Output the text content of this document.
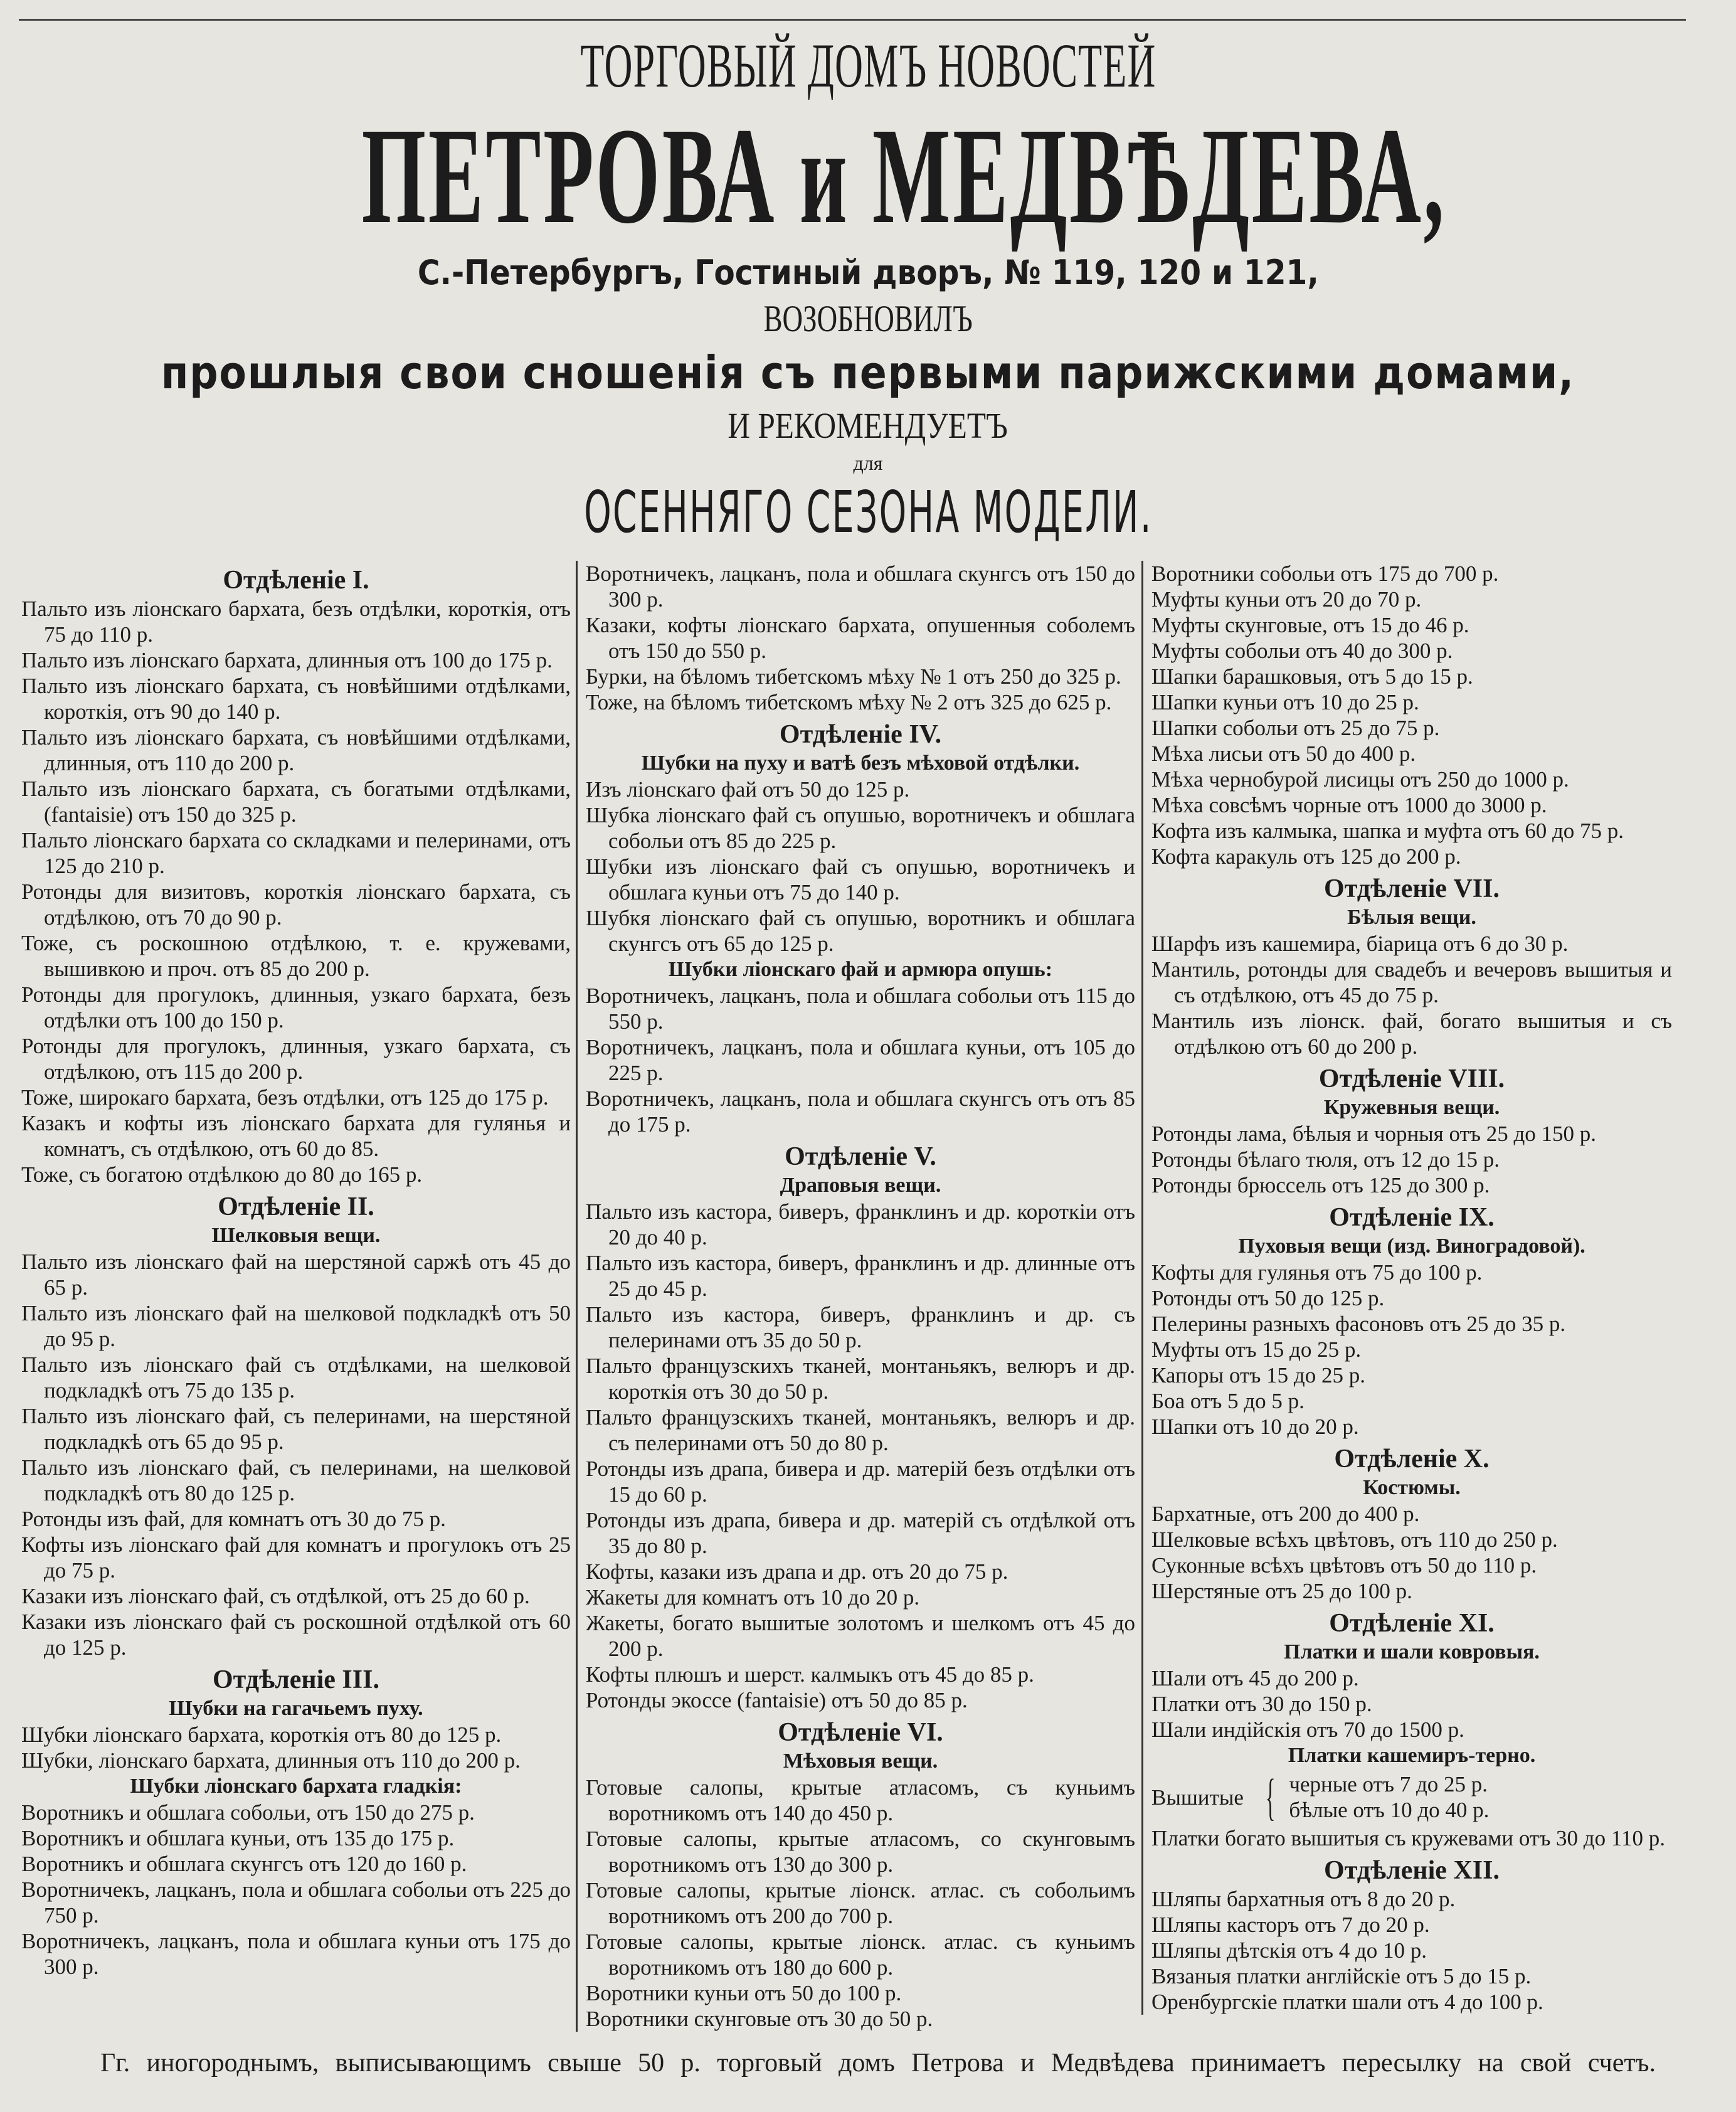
ТОРГОВЫЙ ДОМЪ НОВОСТЕЙ
ПЕТРОВА и МЕДВѢДЕВА,
С.-Петербургъ, Гостиный дворъ, № 119, 120 и 121,
ВОЗОБНОВИЛЪ
прошлыя свои сношенія съ первыми парижскими домами,
И РЕКОМЕНДУЕТЪ
для
ОСЕННЯГО СЕЗОНА МОДЕЛИ.
Отдѣленіе I.
Пальто изъ ліонскаго бархата, безъ отдѣлки, короткія, отъ 75 до 110 р.
Пальто изъ ліонскаго бархата, длинныя отъ 100 до 175 р.
Пальто изъ ліонскаго бархата, съ новѣйшими отдѣлками, короткія, отъ 90 до 140 р.
Пальто изъ ліонскаго бархата, съ новѣйшими отдѣлками, длинныя, отъ 110 до 200 р.
Пальто изъ ліонскаго бархата, съ богатыми отдѣлками, (fantaisie) отъ 150 до 325 р.
Пальто ліонскаго бархата со складками и пелеринами, отъ 125 до 210 р.
Ротонды для визитовъ, короткія ліонскаго бархата, съ отдѣлкою, отъ 70 до 90 р.
Тоже, съ роскошною отдѣлкою, т. е. кружевами, вышивкою и проч. отъ 85 до 200 р.
Ротонды для прогулокъ, длинныя, узкаго бархата, безъ отдѣлки отъ 100 до 150 р.
Ротонды для прогулокъ, длинныя, узкаго бархата, съ отдѣлкою, отъ 115 до 200 р.
Тоже, широкаго бархата, безъ отдѣлки, отъ 125 до 175 р.
Казакъ и кофты изъ ліонскаго бархата для гулянья и комнатъ, съ отдѣлкою, отъ 60 до 85.
Тоже, съ богатою отдѣлкою до 80 до 165 р.
Отдѣленіе II.
Шелковыя вещи.
Пальто изъ ліонскаго фай на шерстяной саржѣ отъ 45 до 65 р.
Пальто изъ ліонскаго фай на шелковой подкладкѣ отъ 50 до 95 р.
Пальто изъ ліонскаго фай съ отдѣлками, на шелковой подкладкѣ отъ 75 до 135 р.
Пальто изъ ліонскаго фай, съ пелеринами, на шерстяной подкладкѣ отъ 65 до 95 р.
Пальто изъ ліонскаго фай, съ пелеринами, на шелковой подкладкѣ отъ 80 до 125 р.
Ротонды изъ фай, для комнатъ отъ 30 до 75 р.
Кофты изъ ліонскаго фай для комнатъ и прогулокъ отъ 25 до 75 р.
Казаки изъ ліонскаго фай, съ отдѣлкой, отъ 25 до 60 р.
Казаки изъ ліонскаго фай съ роскошной отдѣлкой отъ 60 до 125 р.
Отдѣленіе III.
Шубки на гагачьемъ пуху.
Шубки ліонскаго бархата, короткія отъ 80 до 125 р.
Шубки, ліонскаго бархата, длинныя отъ 110 до 200 р.
Шубки ліонскаго бархата гладкія:
Воротникъ и обшлага собольи, отъ 150 до 275 р.
Воротникъ и обшлага куньи, отъ 135 до 175 р.
Воротникъ и обшлага скунгсъ отъ 120 до 160 р.
Воротничекъ, лацканъ, пола и обшлага собольи отъ 225 до 750 р.
Воротничекъ, лацканъ, пола и обшлага куньи отъ 175 до 300 р.
Воротничекъ, лацканъ, пола и обшлага скунгсъ отъ 150 до 300 р.
Казаки, кофты ліонскаго бархата, опушенныя соболемъ отъ 150 до 550 р.
Бурки, на бѣломъ тибетскомъ мѣху № 1 отъ 250 до 325 р.
Тоже, на бѣломъ тибетскомъ мѣху № 2 отъ 325 до 625 р.
Отдѣленіе IV.
Шубки на пуху и ватѣ безъ мѣховой отдѣлки.
Изъ ліонскаго фай отъ 50 до 125 р.
Шубка ліонскаго фай съ опушью, воротничекъ и обшлага собольи отъ 85 до 225 р.
Шубки изъ ліонскаго фай съ опушью, воротничекъ и обшлага куньи отъ 75 до 140 р.
Шубкя ліонскаго фай съ опушью, воротникъ и обшлага скунгсъ отъ 65 до 125 р.
Шубки ліонскаго фай и армюра опушь:
Воротничекъ, лацканъ, пола и обшлага собольи отъ 115 до 550 р.
Воротничекъ, лацканъ, пола и обшлага куньи, отъ 105 до 225 р.
Воротничекъ, лацканъ, пола и обшлага скунгсъ отъ отъ 85 до 175 р.
Отдѣленіе V.
Драповыя вещи.
Пальто изъ кастора, биверъ, франклинъ и др. короткіи отъ 20 до 40 р.
Пальто изъ кастора, биверъ, франклинъ и др. длинные отъ 25 до 45 р.
Пальто изъ кастора, биверъ, франклинъ и др. съ пелеринами отъ 35 до 50 р.
Пальто французскихъ тканей, монтаньякъ, велюръ и др. короткія отъ 30 до 50 р.
Пальто французскихъ тканей, монтаньякъ, велюръ и др. съ пелеринами отъ 50 до 80 р.
Ротонды изъ драпа, бивера и др. матерій безъ отдѣлки отъ 15 до 60 р.
Ротонды изъ драпа, бивера и др. матерій съ отдѣлкой отъ 35 до 80 р.
Кофты, казаки изъ драпа и др. отъ 20 до 75 р.
Жакеты для комнатъ отъ 10 до 20 р.
Жакеты, богато вышитые золотомъ и шелкомъ отъ 45 до 200 р.
Кофты плюшъ и шерст. калмыкъ отъ 45 до 85 р.
Ротонды экоссе (fantaisie) отъ 50 до 85 р.
Отдѣленіе VI.
Мѣховыя вещи.
Готовые салопы, крытые атласомъ, съ куньимъ воротникомъ отъ 140 до 450 р.
Готовые салопы, крытые атласомъ, со скунговымъ воротникомъ отъ 130 до 300 р.
Готовые салопы, крытые ліонск. атлас. съ собольимъ воротникомъ отъ 200 до 700 р.
Готовые салопы, крытые ліонск. атлас. съ куньимъ воротникомъ отъ 180 до 600 р.
Воротники куньи отъ 50 до 100 р.
Воротники скунговые отъ 30 до 50 р.
Воротники собольи отъ 175 до 700 р.
Муфты куньи отъ 20 до 70 р.
Муфты скунговые, отъ 15 до 46 р.
Муфты собольи отъ 40 до 300 р.
Шапки барашковыя, отъ 5 до 15 р.
Шапки куньи отъ 10 до 25 р.
Шапки собольи отъ 25 до 75 р.
Мѣха лисьи отъ 50 до 400 р.
Мѣха чернобурой лисицы отъ 250 до 1000 р.
Мѣха совсѣмъ чорные отъ 1000 до 3000 р.
Кофта изъ калмыка, шапка и муфта отъ 60 до 75 р.
Кофта каракуль отъ 125 до 200 р.
Отдѣленіе VII.
Бѣлыя вещи.
Шарфъ изъ кашемира, біарица отъ 6 до 30 р.
Мантиль, ротонды для свадебъ и вечеровъ вышитыя и съ отдѣлкою, отъ 45 до 75 р.
Мантиль изъ ліонск. фай, богато вышитыя и съ отдѣлкою отъ 60 до 200 р.
Отдѣленіе VIII.
Кружевныя вещи.
Ротонды лама, бѣлыя и чорныя отъ 25 до 150 р.
Ротонды бѣлаго тюля, отъ 12 до 15 р.
Ротонды брюссель отъ 125 до 300 р.
Отдѣленіе IX.
Пуховыя вещи (изд. Виноградовой).
Кофты для гулянья отъ 75 до 100 р.
Ротонды отъ 50 до 125 р.
Пелерины разныхъ фасоновъ отъ 25 до 35 р.
Муфты отъ 15 до 25 р.
Капоры отъ 15 до 25 р.
Боа отъ 5 до 5 р.
Шапки отъ 10 до 20 р.
Отдѣленіе X.
Костюмы.
Бархатные, отъ 200 до 400 р.
Шелковые всѣхъ цвѣтовъ, отъ 110 до 250 р.
Суконные всѣхъ цвѣтовъ отъ 50 до 110 р.
Шерстяные отъ 25 до 100 р.
Отдѣленіе XI.
Платки и шали ковровыя.
Шали отъ 45 до 200 р.
Платки отъ 30 до 150 р.
Шали индійскія отъ 70 до 1500 р.
Платки кашемиръ-терно.
Вышитые { черные отъ 7 до 25 р.
бѣлые отъ 10 до 40 р.
Платки богато вышитыя съ кружевами отъ 30 до 110 р.
Отдѣленіе XII.
Шляпы бархатныя отъ 8 до 20 р.
Шляпы касторъ отъ 7 до 20 р.
Шляпы дѣтскія отъ 4 до 10 р.
Вязаныя платки англійскіе отъ 5 до 15 р.
Оренбургскіе платки шали отъ 4 до 100 р.
Гг. иногороднымъ, выписывающимъ свыше 50 р. торговый домъ Петрова и Медвѣдева принимаетъ пересылку на свой счетъ.
